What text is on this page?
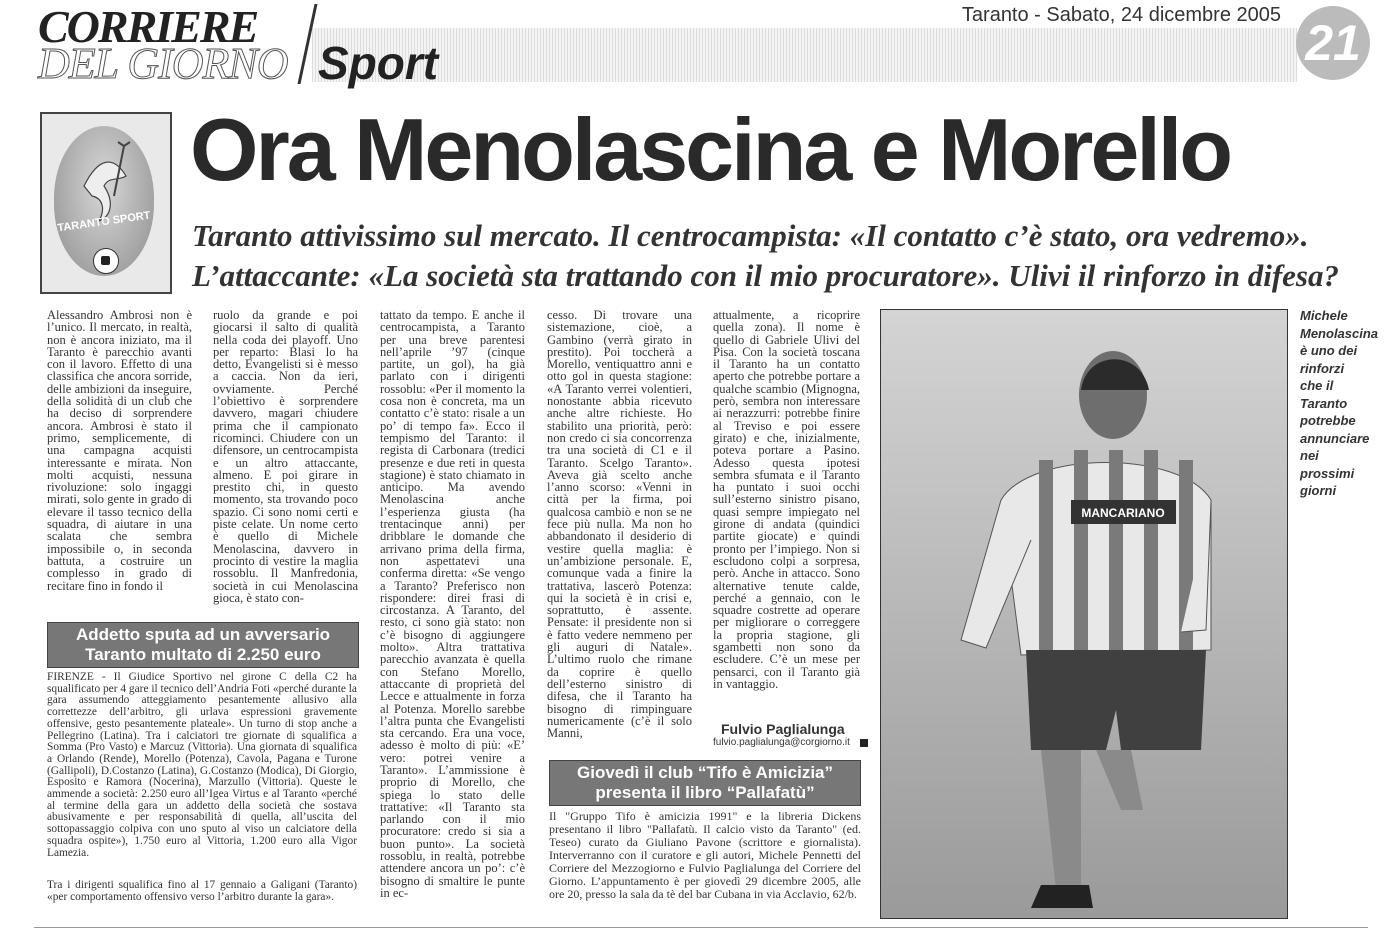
CORRIERE
DEL GIORNO Sport
Taranto - Sabato, 24 dicembre 2005 21
TARANTO SPORT
Ora Menolascina e Morello
Taranto attivissimo sul mercato. Il centrocampista: «Il contatto c’è stato, ora vedremo».
L’attaccante: «La società sta trattando con il mio procuratore». Ulivi il rinforzo in difesa?
Alessandro Ambrosi non è l’unico. Il mercato, in realtà, non è ancora iniziato, ma il Taranto è parecchio avanti con il lavoro. Effetto di una classifica che ancora sorride, delle ambizioni da inseguire, della solidità di un club che ha deciso di sorprendere ancora. Ambrosi è stato il primo, semplicemente, di una campagna acquisti interessante e mirata. Non molti acquisti, nessuna rivoluzione: solo ingaggi mirati, solo gente in grado di elevare il tasso tecnico della squadra, di aiutare in una scalata che sembra impossibile o, in seconda battuta, a costruire un complesso in grado di recitare fino in fondo il
ruolo da grande e poi giocarsi il salto di qualità nella coda dei playoff. Uno per reparto: Blasi lo ha detto, Evangelisti si è messo a caccia. Non da ieri, ovviamente. Perché l’obiettivo è sorprendere davvero, magari chiudere prima che il campionato ricominci. Chiudere con un difensore, un centrocampista e un altro attaccante, almeno. E poi girare in prestito chi, in questo momento, sta trovando poco spazio. Ci sono nomi certi e piste celate. Un nome certo è quello di Michele Menolascina, davvero in procinto di vestire la maglia rossoblu. Il Manfredonia, società in cui Menolascina gioca, è stato con-
tattato da tempo. E anche il centrocampista, a Taranto per una breve parentesi nell’aprile ’97 (cinque partite, un gol), ha già parlato con i dirigenti rossoblu: «Per il momento la cosa non è concreta, ma un contatto c’è stato: risale a un po’ di tempo fa». Ecco il tempismo del Taranto: il regista di Carbonara (tredici presenze e due reti in questa stagione) è stato chiamato in anticipo. Ma avendo Menolascina anche l’esperienza giusta (ha trentacinque anni) per dribblare le domande che arrivano prima della firma, non aspettatevi una conferma diretta: «Se vengo a Taranto? Preferisco non rispondere: direi frasi di circostanza. A Taranto, del resto, ci sono già stato: non c’è bisogno di aggiungere molto». Altra trattativa parecchio avanzata è quella con Stefano Morello, attaccante di proprietà del Lecce e attualmente in forza al Potenza. Morello sarebbe l’altra punta che Evangelisti sta cercando. Era una voce, adesso è molto di più: «E’ vero: potrei venire a Taranto». L’ammissione è proprio di Morello, che spiega lo stato delle trattative: «Il Taranto sta parlando con il mio procuratore: credo si sia a buon punto». La società rossoblu, in realtà, potrebbe attendere ancora un po’: c’è bisogno di smaltire le punte in ec-
cesso. Di trovare una sistemazione, cioè, a Gambino (verrà girato in prestito). Poi toccherà a Morello, ventiquattro anni e otto gol in questa stagione: «A Taranto verrei volentieri, nonostante abbia ricevuto anche altre richieste. Ho stabilito una priorità, però: non credo ci sia concorrenza tra una società di C1 e il Taranto. Scelgo Taranto». Aveva già scelto anche l’anno scorso: «Venni in città per la firma, poi qualcosa cambiò e non se ne fece più nulla. Ma non ho abbandonato il desiderio di vestire quella maglia: è un’ambizione personale. E, comunque vada a finire la trattativa, lascerò Potenza: qui la società è in crisi e, soprattutto, è assente. Pensate: il presidente non si è fatto vedere nemmeno per gli auguri di Natale». L’ultimo ruolo che rimane da coprire è quello dell’esterno sinistro di difesa, che il Taranto ha bisogno di rimpinguare numericamente (c’è il solo Manni,
attualmente, a ricoprire quella zona). Il nome è quello di Gabriele Ulivi del Pisa. Con la società toscana il Taranto ha un contatto aperto che potrebbe portare a qualche scambio (Mignogna, però, sembra non interessare ai nerazzurri: potrebbe finire al Treviso e poi essere girato) e che, inizialmente, poteva portare a Pasino. Adesso questa ipotesi sembra sfumata e il Taranto ha puntato i suoi occhi sull’esterno sinistro pisano, quasi sempre impiegato nel girone di andata (quindici partite giocate) e quindi pronto per l’impiego. Non si escludono colpi a sorpresa, però. Anche in attacco. Sono alternative tenute calde, perché a gennaio, con le squadre costrette ad operare per migliorare o correggere la propria stagione, gli sgambetti non sono da escludere. C’è un mese per pensarci, con il Taranto già in vantaggio.
Fulvio Paglialunga
fulvio.paglialunga@corgiorno.it
Addetto sputa ad un avversario
Taranto multato di 2.250 euro
FIRENZE - Il Giudice Sportivo nel girone C della C2 ha squalificato per 4 gare il tecnico dell’Andria Foti «perché durante la gara assumendo atteggiamento pesantemente allusivo alla correttezze dell’arbitro, gli urlava espressioni gravemente offensive, gesto pesantemente plateale». Un turno di stop anche a Pellegrino (Latina). Tra i calciatori tre giornate di squalifica a Somma (Pro Vasto) e Marcuz (Vittoria). Una giornata di squalifica a Orlando (Rende), Morello (Potenza), Cavola, Pagana e Turone (Gallipoli), D.Costanzo (Latina), G.Costanzo (Modica), Di Giorgio, Esposito e Ramora (Nocerina), Marzullo (Vittoria). Queste le ammende a società: 2.250 euro all’Igea Virtus e al Taranto «perché al termine della gara un addetto della società che sostava abusivamente e per responsabilità di quella, all’uscita del sottopassaggio colpiva con uno sputo al viso un calciatore della squadra ospite»), 1.750 euro al Vittoria, 1.200 euro alla Vigor Lamezia.
Tra i dirigenti squalifica fino al 17 gennaio a Galigani (Taranto) «per comportamento offensivo verso l’arbitro durante la gara».
Giovedì il club “Tifo è Amicizia”
presenta il libro “Pallafatù”
Il "Gruppo Tifo è amicizia 1991" e la libreria Dickens presentano il libro "Pallafatù. Il calcio visto da Taranto" (ed. Teseo) curato da Giuliano Pavone (scrittore e giornalista). Interverranno con il curatore e gli autori, Michele Pennetti del Corriere del Mezzogiorno e Fulvio Paglialunga del Corriere del Giorno. L’appuntamento è per giovedì 29 dicembre 2005, alle ore 20, presso la sala da tè del bar Cubana in via Acclavio, 62/b.
MANCARIANO
Michele Menolascina è uno dei rinforzi che il Taranto potrebbe annunciare nei prossimi giorni
